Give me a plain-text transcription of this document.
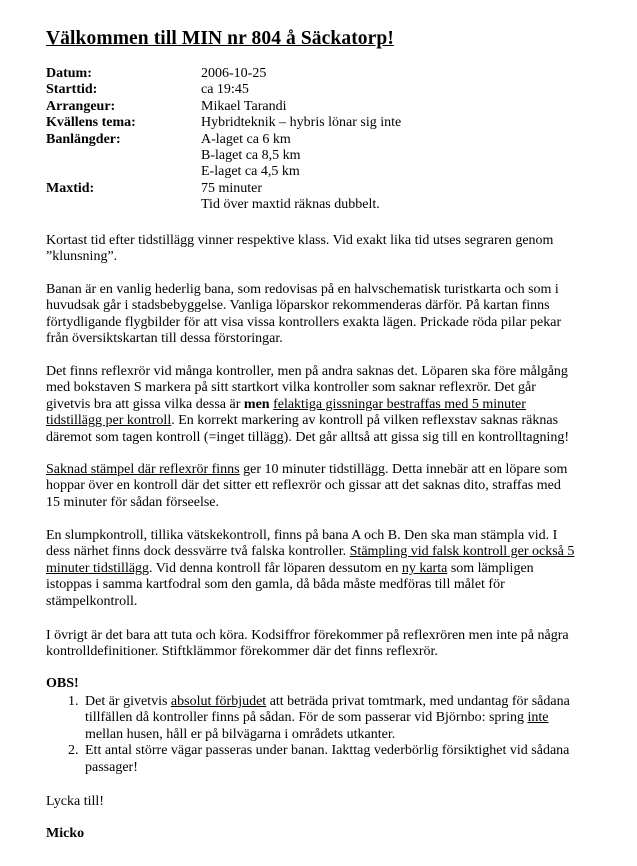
Välkommen till MIN nr 804 å Säckatorp!
Datum:	2006-10-25
Starttid:	ca 19:45
Arrangeur:	Mikael Tarandi
Kvällens tema:	Hybridteknik – hybris lönar sig inte
Banlängder:	A-laget ca 6 km
B-laget ca 8,5 km
E-laget ca 4,5 km
Maxtid:	75 minuter
Tid över maxtid räknas dubbelt.

Kortast tid efter tidstillägg vinner respektive klass. Vid exakt lika tid utses segraren genom
”klunsning”.

Banan är en vanlig hederlig bana, som redovisas på en halvschematisk turistkarta och som i
huvudsak går i stadsbebyggelse. Vanliga löparskor rekommenderas därför. På kartan finns
förtydligande flygbilder för att visa vissa kontrollers exakta lägen. Prickade röda pilar pekar
från översiktskartan till dessa förstoringar.

Det finns reflexrör vid många kontroller, men på andra saknas det. Löparen ska före målgång
med bokstaven S markera på sitt startkort vilka kontroller som saknar reflexrör. Det går
givetvis bra att gissa vilka dessa är men felaktiga gissningar bestraffas med 5 minuter
tidstillägg per kontroll. En korrekt markering av kontroll på vilken reflexstav saknas räknas
däremot som tagen kontroll (=inget tillägg). Det går alltså att gissa sig till en kontrolltagning!

Saknad stämpel där reflexrör finns ger 10 minuter tidstillägg. Detta innebär att en löpare som
hoppar över en kontroll där det sitter ett reflexrör och gissar att det saknas dito, straffas med
15 minuter för sådan förseelse.

En slumpkontroll, tillika vätskekontroll, finns på bana A och B. Den ska man stämpla vid. I
dess närhet finns dock dessvärre två falska kontroller. Stämpling vid falsk kontroll ger också 5
minuter tidstillägg. Vid denna kontroll får löparen dessutom en ny karta som lämpligen
istoppas i samma kartfodral som den gamla, då båda måste medföras till målet för
stämpelkontroll.

I övrigt är det bara att tuta och köra. Kodsiffror förekommer på reflexrören men inte på några
kontrolldefinitioner. Stiftklämmor förekommer där det finns reflexrör.

OBS!

1. Det är givetvis absolut förbjudet att beträda privat tomtmark, med undantag för sådana
tillfällen då kontroller finns på sådan. För de som passerar vid Björnbo: spring inte
mellan husen, håll er på bilvägarna i områdets utkanter.
2. Ett antal större vägar passeras under banan. Iakttag vederbörlig försiktighet vid sådana
passager!

Lycka till!

Micko
